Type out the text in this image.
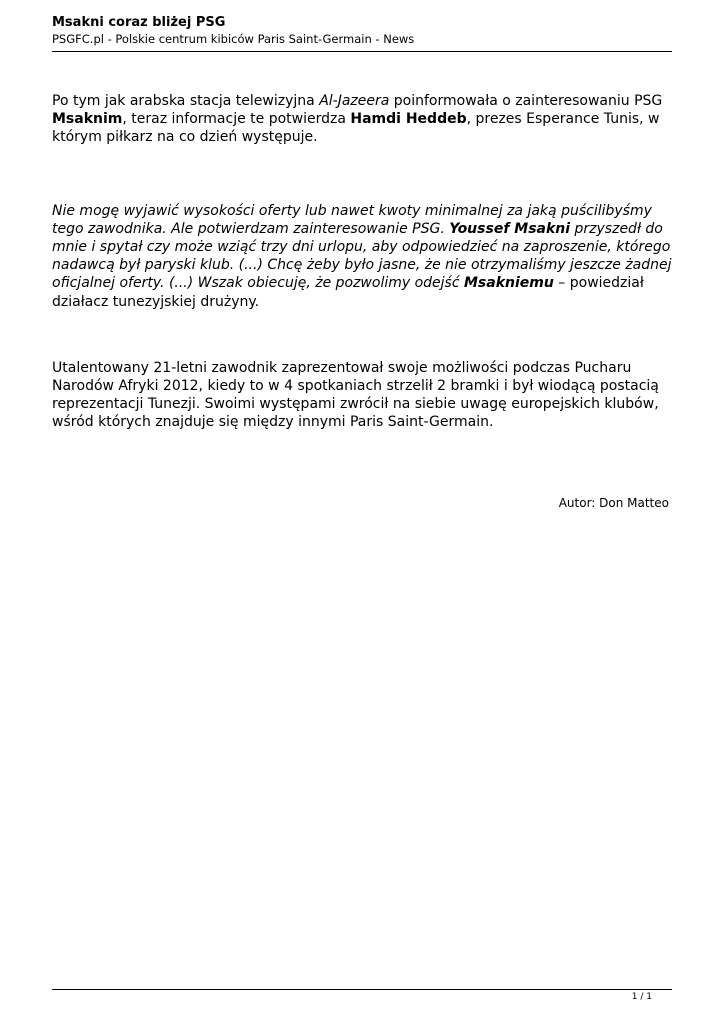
Msakni coraz bliżej PSG

PSGFC.pl - Polskie centrum kibiców Paris Saint-Germain - News

Po tym jak arabska stacja telewizyjna Al-Jazeera poinformowała o zainteresowaniu PSG Msaknim, teraz informacje te potwierdza Hamdi Heddeb, prezes Esperance Tunis, w którym piłkarz na co dzień występuje.

Nie mogę wyjawić wysokości oferty lub nawet kwoty minimalnej za jaką puścilibyśmy tego zawodnika. Ale potwierdzam zainteresowanie PSG. Youssef Msakni przyszedł do mnie i spytał czy może wziąć trzy dni urlopu, aby odpowiedzieć na zaproszenie, którego nadawcą był paryski klub. (...) Chcę żeby było jasne, że nie otrzymaliśmy jeszcze żadnej oficjalnej oferty. (...) Wszak obiecuję, że pozwolimy odejść Msakniemu – powiedział działacz tunezyjskiej drużyny.

Utalentowany 21-letni zawodnik zaprezentował swoje możliwości podczas Pucharu Narodów Afryki 2012, kiedy to w 4 spotkaniach strzelił 2 bramki i był wiodącą postacią reprezentacji Tunezji. Swoimi występami zwrócił na siebie uwagę europejskich klubów, wśród których znajduje się między innymi Paris Saint-Germain.

Autor: Don Matteo

1 / 1
